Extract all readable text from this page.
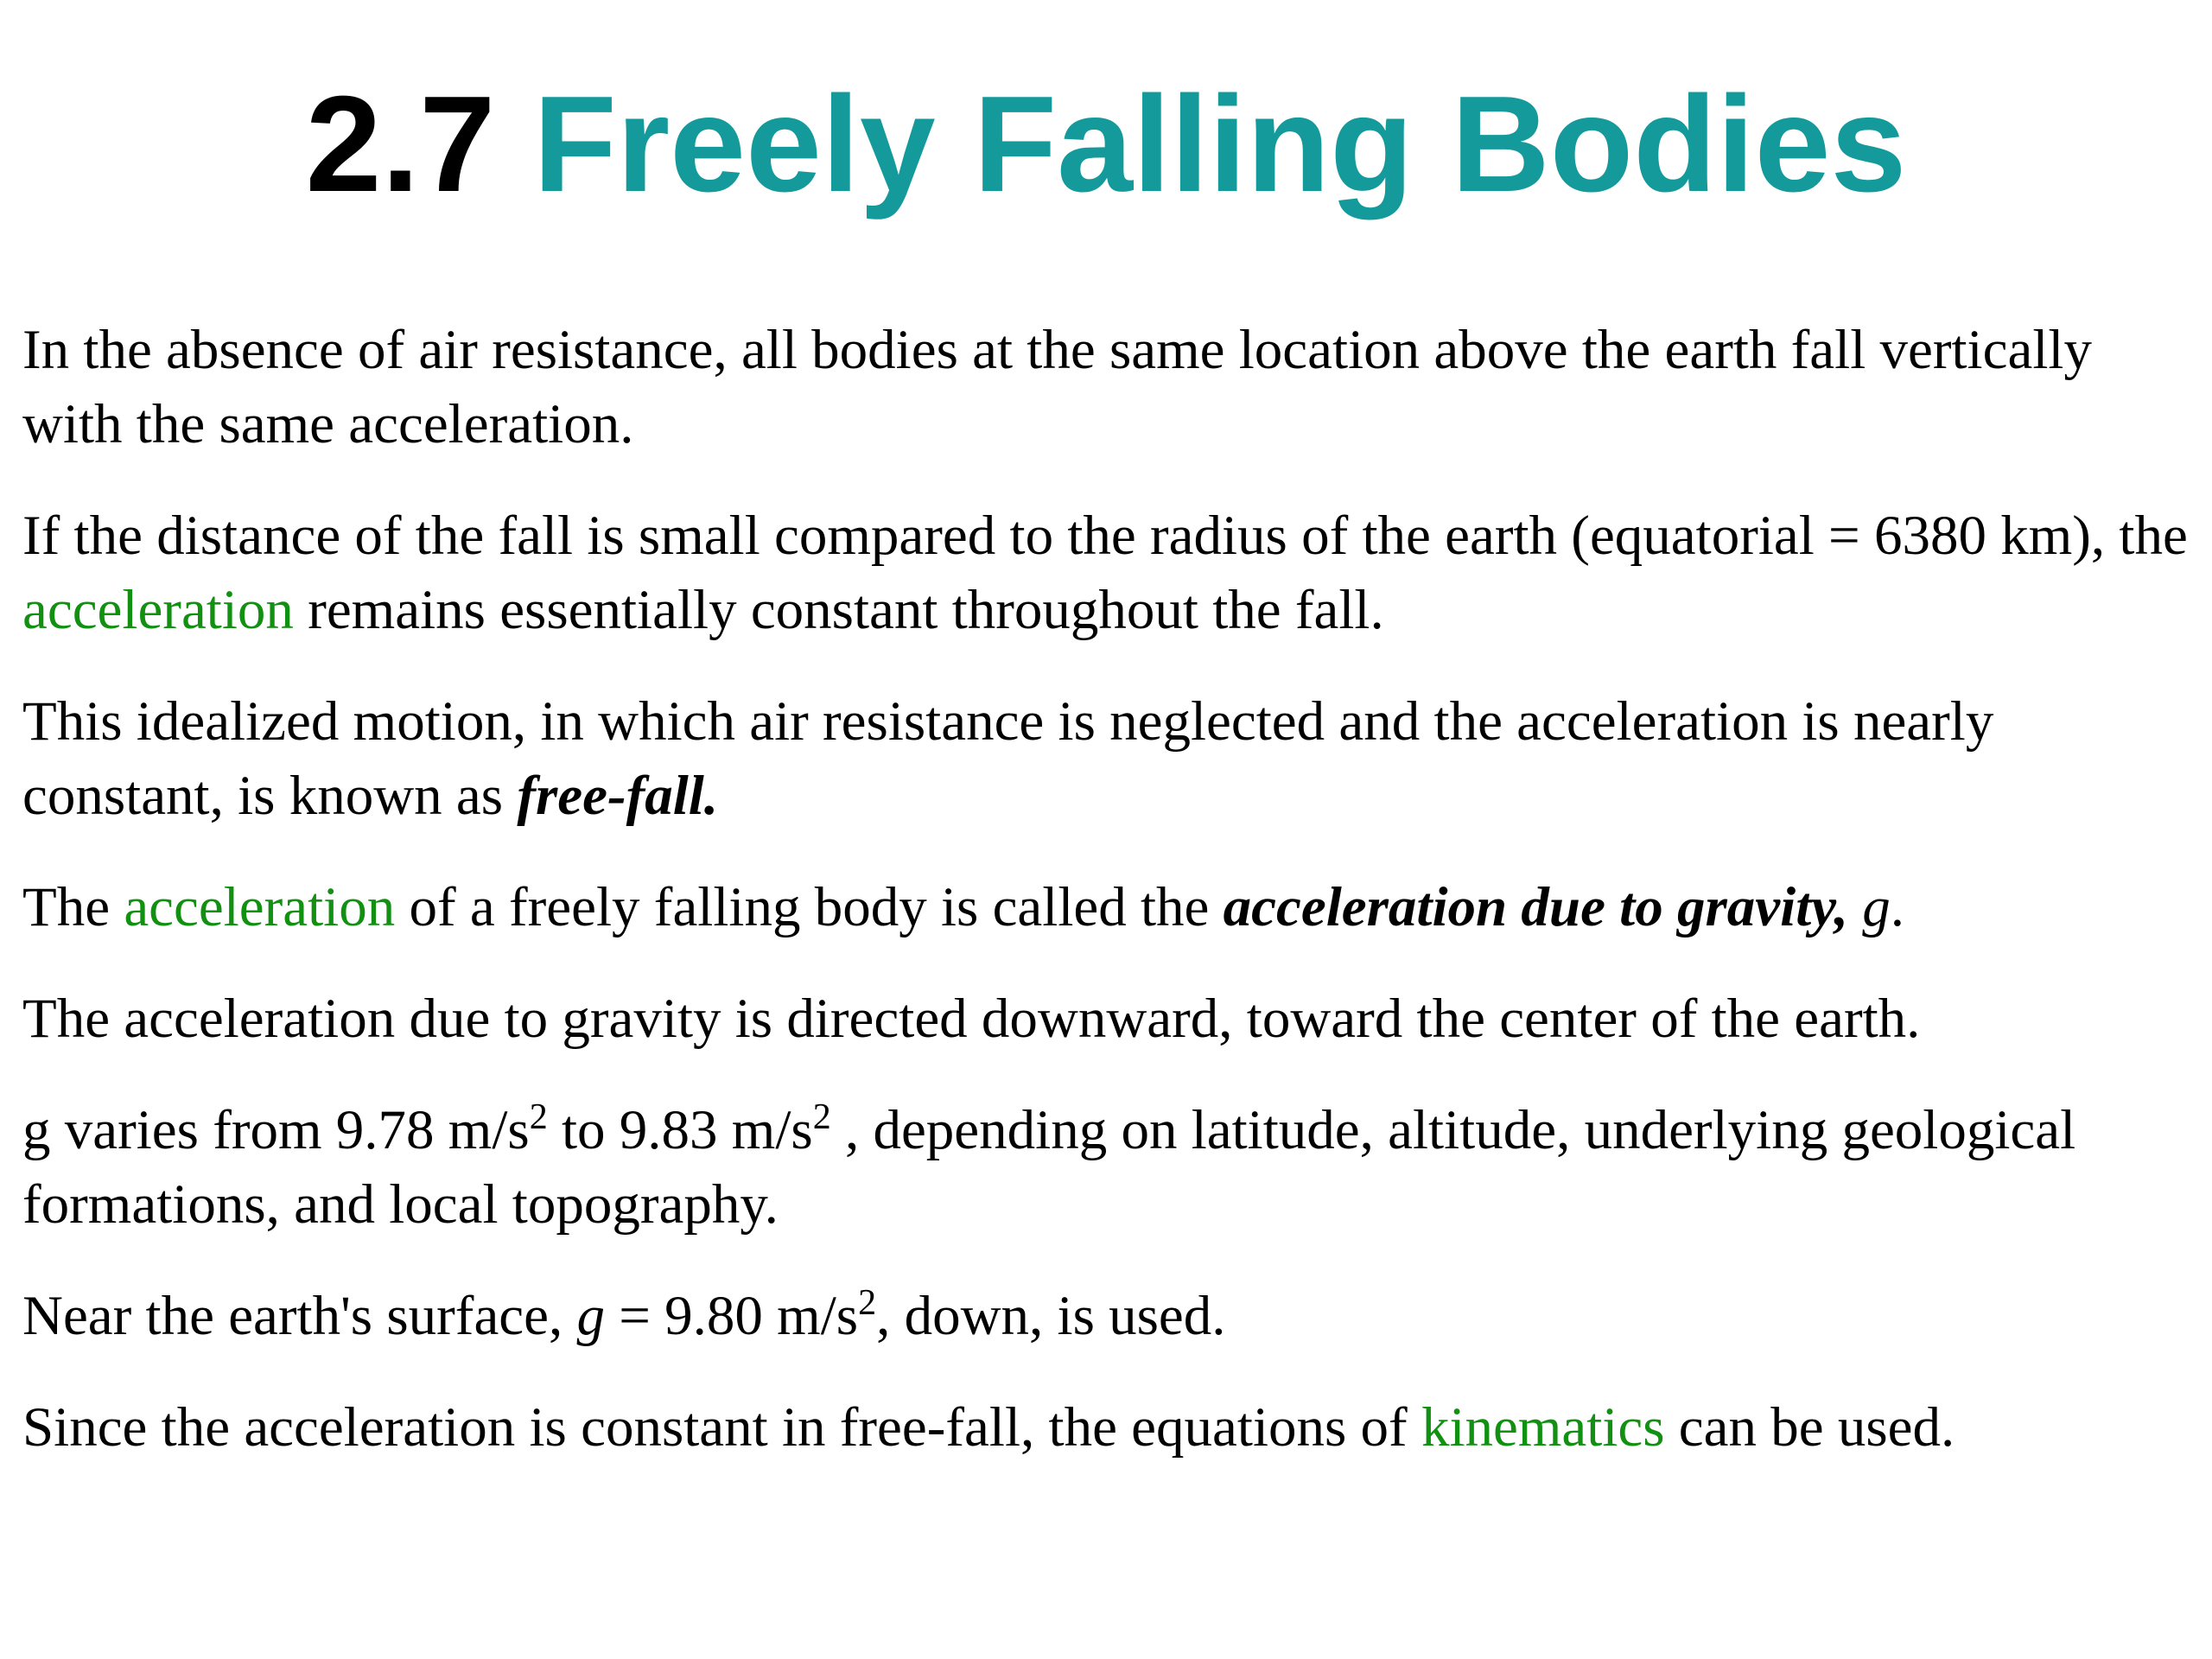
2.7 Freely Falling Bodies

In the absence of air resistance, all bodies at the same location above the earth fall vertically with the same acceleration.

If the distance of the fall is small compared to the radius of the earth (equatorial = 6380 km), the acceleration remains essentially constant throughout the fall.

This idealized motion, in which air resistance is neglected and the acceleration is nearly constant, is known as free-fall.

The acceleration of a freely falling body is called the acceleration due to gravity, g.

The acceleration due to gravity is directed downward, toward the center of the earth.

g varies from 9.78 $m/s^2$ to 9.83 $m/s^2$ , depending on latitude, altitude, underlying geological formations, and local topography.

Near the earth's surface, g = 9.80 $m/s^2$, down, is used.

Since the acceleration is constant in free-fall, the equations of kinematics can be used.
